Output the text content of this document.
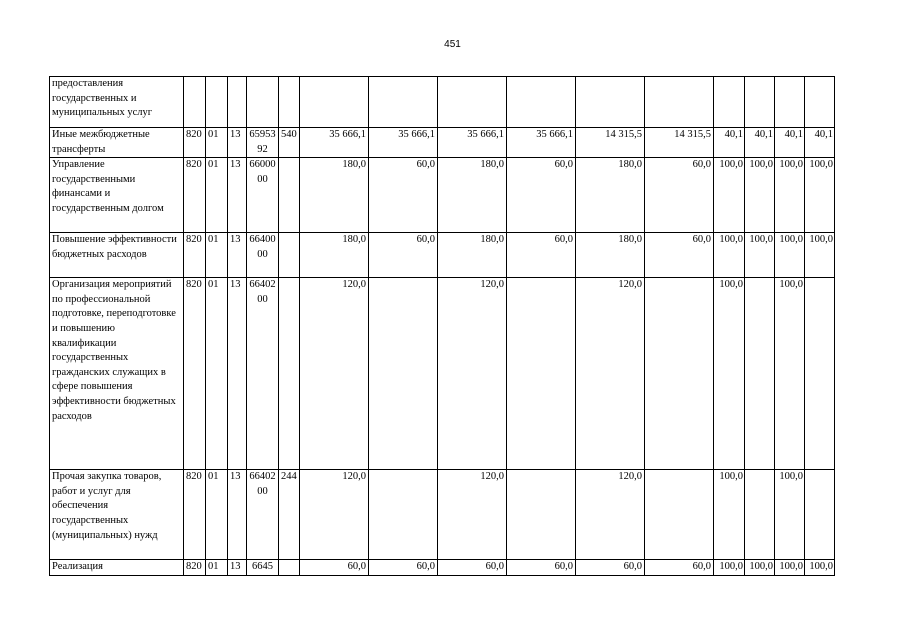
451
предоставления государственных и муниципальных услуг															
Иные межбюджетные трансферты	820	01	13	6595392	540	35 666,1	35 666,1	35 666,1	35 666,1	14 315,5	14 315,5	40,1	40,1	40,1	40,1
Управление государственными финансами и государственным долгом	820	01	13	6600000		180,0	60,0	180,0	60,0	180,0	60,0	100,0	100,0	100,0	100,0
Повышение эффективности бюджетных расходов	820	01	13	6640000		180,0	60,0	180,0	60,0	180,0	60,0	100,0	100,0	100,0	100,0
Организация мероприятий по профессиональной подготовке, переподготовке и повышению квалификации государственных гражданских служащих в сфере повышения эффективности бюджетных расходов	820	01	13	6640200		120,0		120,0		120,0		100,0		100,0	
Прочая закупка товаров, работ и услуг для обеспечения государственных (муниципальных) нужд	820	01	13	6640200	244	120,0		120,0		120,0		100,0		100,0	
Реализация	820	01	13	6645		60,0	60,0	60,0	60,0	60,0	60,0	100,0	100,0	100,0	100,0
